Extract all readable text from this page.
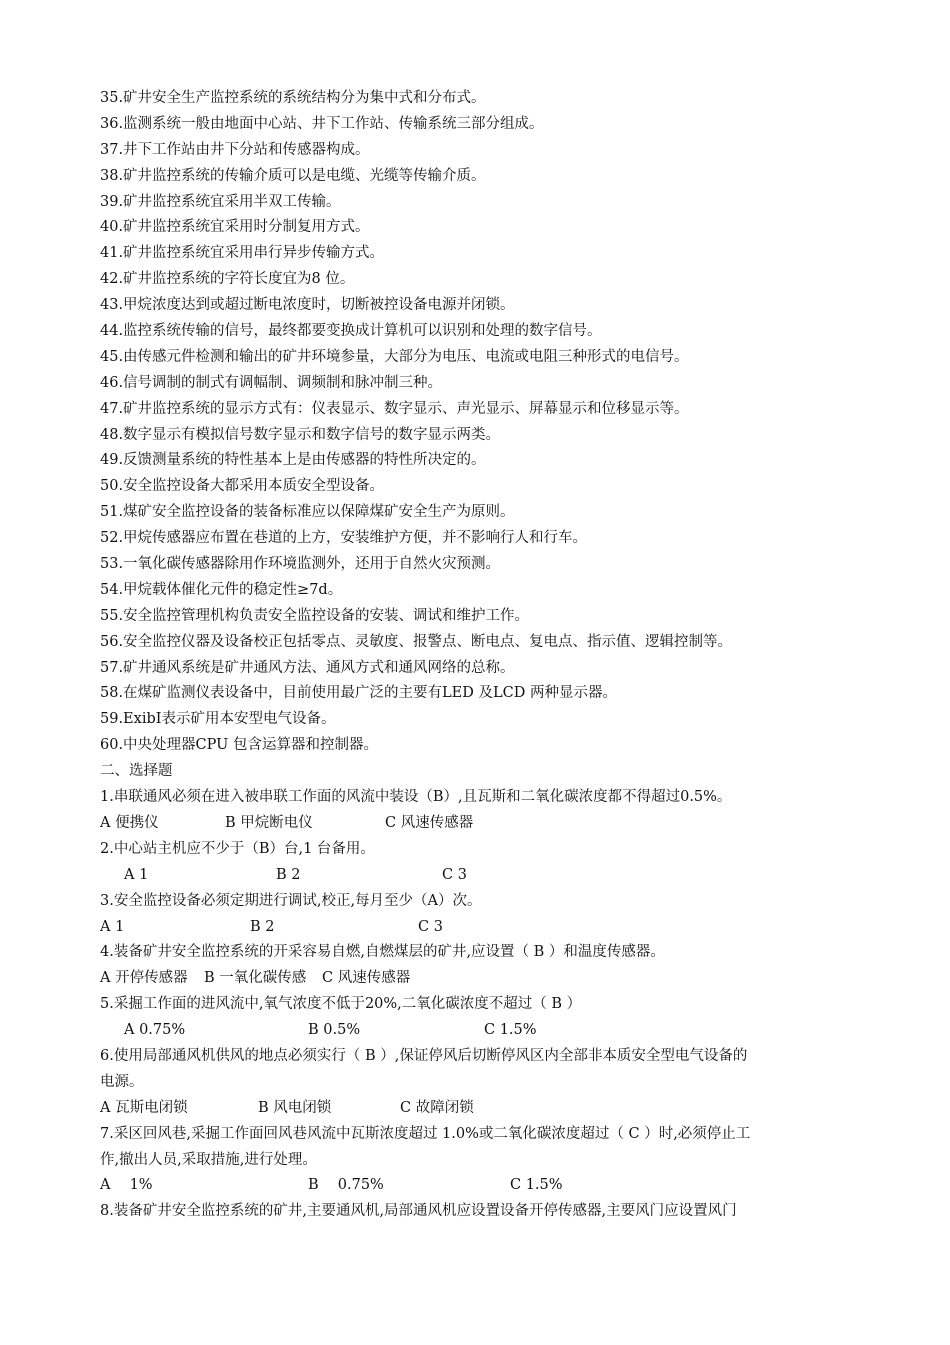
35.矿井安全生产监控系统的系统结构分为集中式和分布式。
36.监测系统一般由地面中心站、井下工作站、传输系统三部分组成。
37.井下工作站由井下分站和传感器构成。
38.矿井监控系统的传输介质可以是电缆、光缆等传输介质。
39.矿井监控系统宜采用半双工传输。
40.矿井监控系统宜采用时分制复用方式。
41.矿井监控系统宜采用串行异步传输方式。
42.矿井监控系统的字符长度宜为8 位。
43.甲烷浓度达到或超过断电浓度时，切断被控设备电源并闭锁。
44.监控系统传输的信号，最终都要变换成计算机可以识别和处理的数字信号。
45.由传感元件检测和输出的矿井环境参量，大部分为电压、电流或电阻三种形式的电信号。
46.信号调制的制式有调幅制、调频制和脉冲制三种。
47.矿井监控系统的显示方式有：仪表显示、数字显示、声光显示、屏幕显示和位移显示等。
48.数字显示有模拟信号数字显示和数字信号的数字显示两类。
49.反馈测量系统的特性基本上是由传感器的特性所决定的。
50.安全监控设备大都采用本质安全型设备。
51.煤矿安全监控设备的装备标准应以保障煤矿安全生产为原则。
52.甲烷传感器应布置在巷道的上方，安装维护方便，并不影响行人和行车。
53.一氧化碳传感器除用作环境监测外，还用于自然火灾预测。
54.甲烷载体催化元件的稳定性≥7d。
55.安全监控管理机构负责安全监控设备的安装、调试和维护工作。
56.安全监控仪器及设备校正包括零点、灵敏度、报警点、断电点、复电点、指示值、逻辑控制等。
57.矿井通风系统是矿井通风方法、通风方式和通风网络的总称。
58.在煤矿监测仪表设备中，目前使用最广泛的主要有LED 及LCD 两种显示器。
59.ExibⅠ表示矿用本安型电气设备。
60.中央处理器CPU 包含运算器和控制器。
二、选择题
1.串联通风必须在进入被串联工作面的风流中装设（B）,且瓦斯和二氧化碳浓度都不得超过0.5%。
A 便携仪	B 甲烷断电仪	C 风速传感器
2.中心站主机应不少于（B）台,1 台备用。
A 1	B 2	C 3
3.安全监控设备必须定期进行调试,校正,每月至少（A）次。
A 1	B 2	C 3
4.装备矿井安全监控系统的开采容易自燃,自燃煤层的矿井,应设置（ B ）和温度传感器。
A 开停传感器	B 一氧化碳传感	C 风速传感器
5.采掘工作面的进风流中,氧气浓度不低于20%,二氧化碳浓度不超过（ B ）
A 0.75%	B 0.5%	C 1.5%
6.使用局部通风机供风的地点必须实行（ B ）,保证停风后切断停风区内全部非本质安全型电气设备的
电源。
A 瓦斯电闭锁	B 风电闭锁	C 故障闭锁
7.采区回风巷,采掘工作面回风巷风流中瓦斯浓度超过 1.0%或二氧化碳浓度超过（ C ）时,必须停止工
作,撤出人员,采取措施,进行处理。
A　 1%	B　 0.75%	C 1.5%
8.装备矿井安全监控系统的矿井,主要通风机,局部通风机应设置设备开停传感器,主要风门应设置风门
